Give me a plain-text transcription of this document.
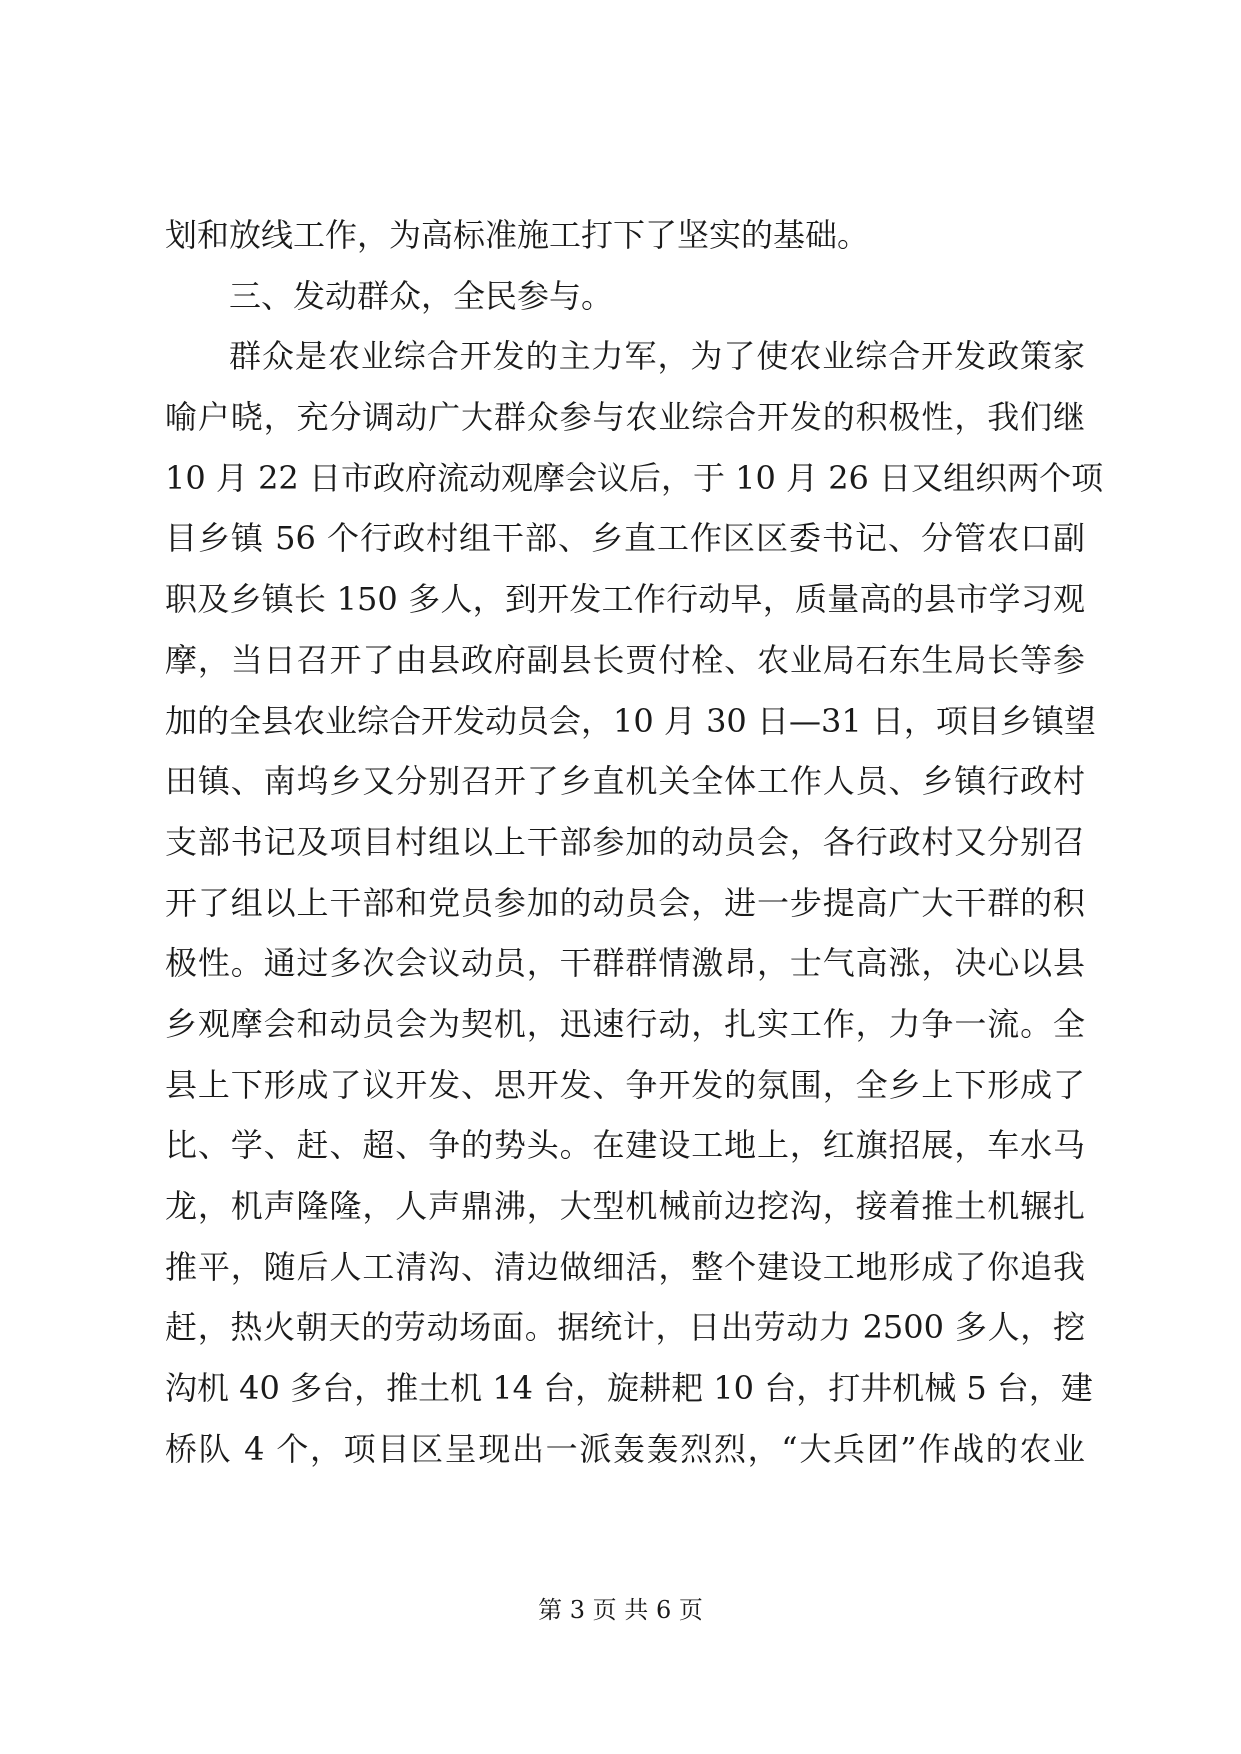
划和放线工作，为高标准施工打下了坚实的基础。
三、发动群众，全民参与。
群众是农业综合开发的主力军，为了使农业综合开发政策家
喻户晓，充分调动广大群众参与农业综合开发的积极性，我们继
10 月 22 日市政府流动观摩会议后，于 10 月 26 日又组织两个项
目乡镇 56 个行政村组干部、乡直工作区区委书记、分管农口副
职及乡镇长 150 多人，到开发工作行动早，质量高的县市学习观
摩，当日召开了由县政府副县长贾付栓、农业局石东生局长等参
加的全县农业综合开发动员会，10 月 30 日—31 日，项目乡镇望
田镇、南坞乡又分别召开了乡直机关全体工作人员、乡镇行政村
支部书记及项目村组以上干部参加的动员会，各行政村又分别召
开了组以上干部和党员参加的动员会，进一步提高广大干群的积
极性。通过多次会议动员，干群群情激昂，士气高涨，决心以县
乡观摩会和动员会为契机，迅速行动，扎实工作，力争一流。全
县上下形成了议开发、思开发、争开发的氛围，全乡上下形成了
比、学、赶、超、争的势头。在建设工地上，红旗招展，车水马
龙，机声隆隆，人声鼎沸，大型机械前边挖沟，接着推土机辗扎
推平，随后人工清沟、清边做细活，整个建设工地形成了你追我
赶，热火朝天的劳动场面。据统计，日出劳动力 2500 多人，挖
沟机 40 多台，推土机 14 台，旋耕耙 10 台，打井机械 5 台，建
桥队 4 个，项目区呈现出一派轰轰烈烈，“大兵团”作战的农业
第 3 页 共 6 页
